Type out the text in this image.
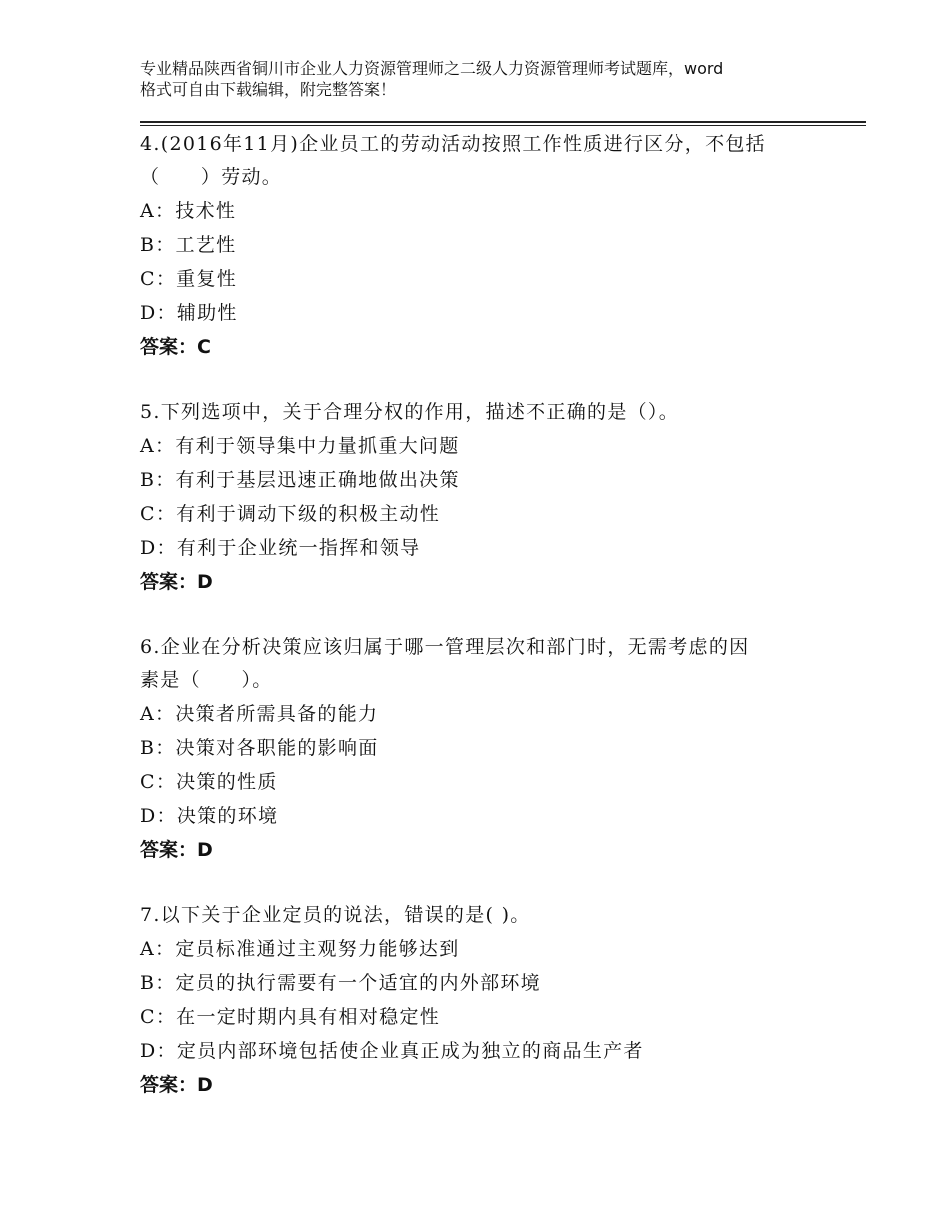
专业精品陕西省铜川市企业人力资源管理师之二级人力资源管理师考试题库，word
格式可自由下载编辑，附完整答案！
4.(2016年11月)企业员工的劳动活动按照工作性质进行区分，不包括
（　　）劳动。
A：技术性
B：工艺性
C：重复性
D：辅助性
答案：C
5.下列选项中，关于合理分权的作用，描述不正确的是（）。
A：有利于领导集中力量抓重大问题
B：有利于基层迅速正确地做出决策
C：有利于调动下级的积极主动性
D：有利于企业统一指挥和领导
答案：D
6.企业在分析决策应该归属于哪一管理层次和部门时，无需考虑的因
素是（　　）。
A：决策者所需具备的能力
B：决策对各职能的影响面
C：决策的性质
D：决策的环境
答案：D
7.以下关于企业定员的说法，错误的是( )。
A：定员标准通过主观努力能够达到
B：定员的执行需要有一个适宜的内外部环境
C：在一定时期内具有相对稳定性
D：定员内部环境包括使企业真正成为独立的商品生产者
答案：D
